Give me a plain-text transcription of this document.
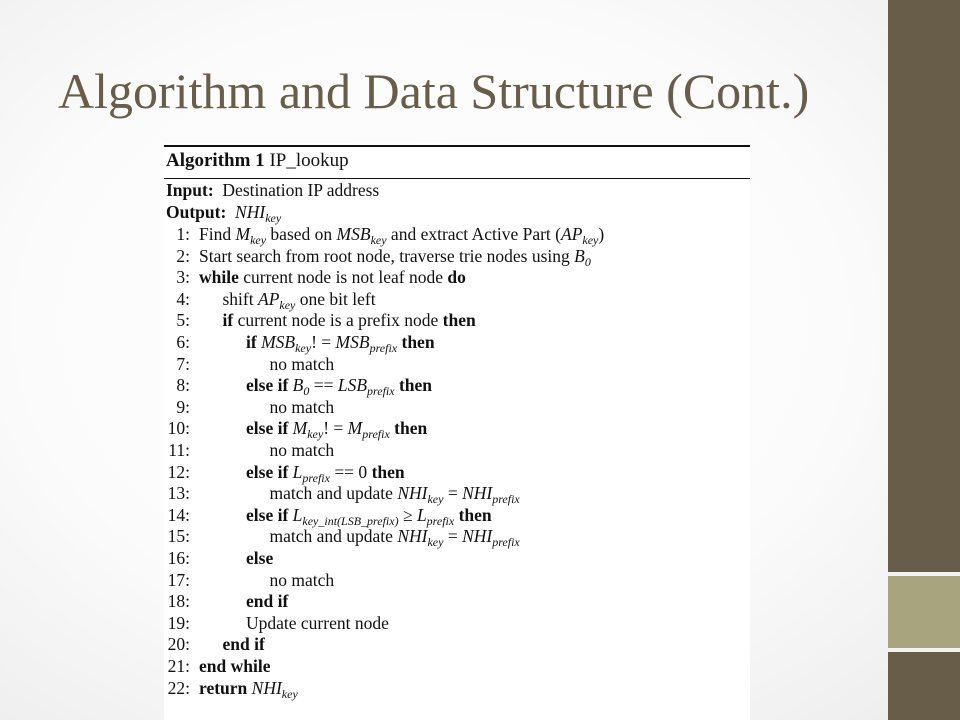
Algorithm and Data Structure (Cont.)
Algorithm 1 IP_lookup
Input: Destination IP address
Output: $NHI_{key}$
1: Find $M_{key}$ based on $MSB_{key}$ and extract Active Part $(AP_{key})$
2: Start search from root node, traverse trie nodes using $B_0$
3: while current node is not leaf node do
4: shift $AP_{key}$ one bit left
5: if current node is a prefix node then
6:	if $MSB_{key}$! = $MSB_{prefix}$ then
7:	no match
8:	else if $B_0 == LSB_{prefix}$ then
9:	no match
10:	else if $M_{key}$! = $M_{prefix}$ then
11:	no match
12:	else if $L_{prefix} == 0$ then
13:	match and update $NHI_{key} = NHI_{prefix}$
14:	else if $L_{key\_int(LSB\_prefix)} \ge L_{prefix}$ then
15:	match and update $NHI_{key} = NHI_{prefix}$
16:	else
17:	no match
18:	end if
19:	Update current node
20: end if
21: end while
22: return $NHI_{key}$
